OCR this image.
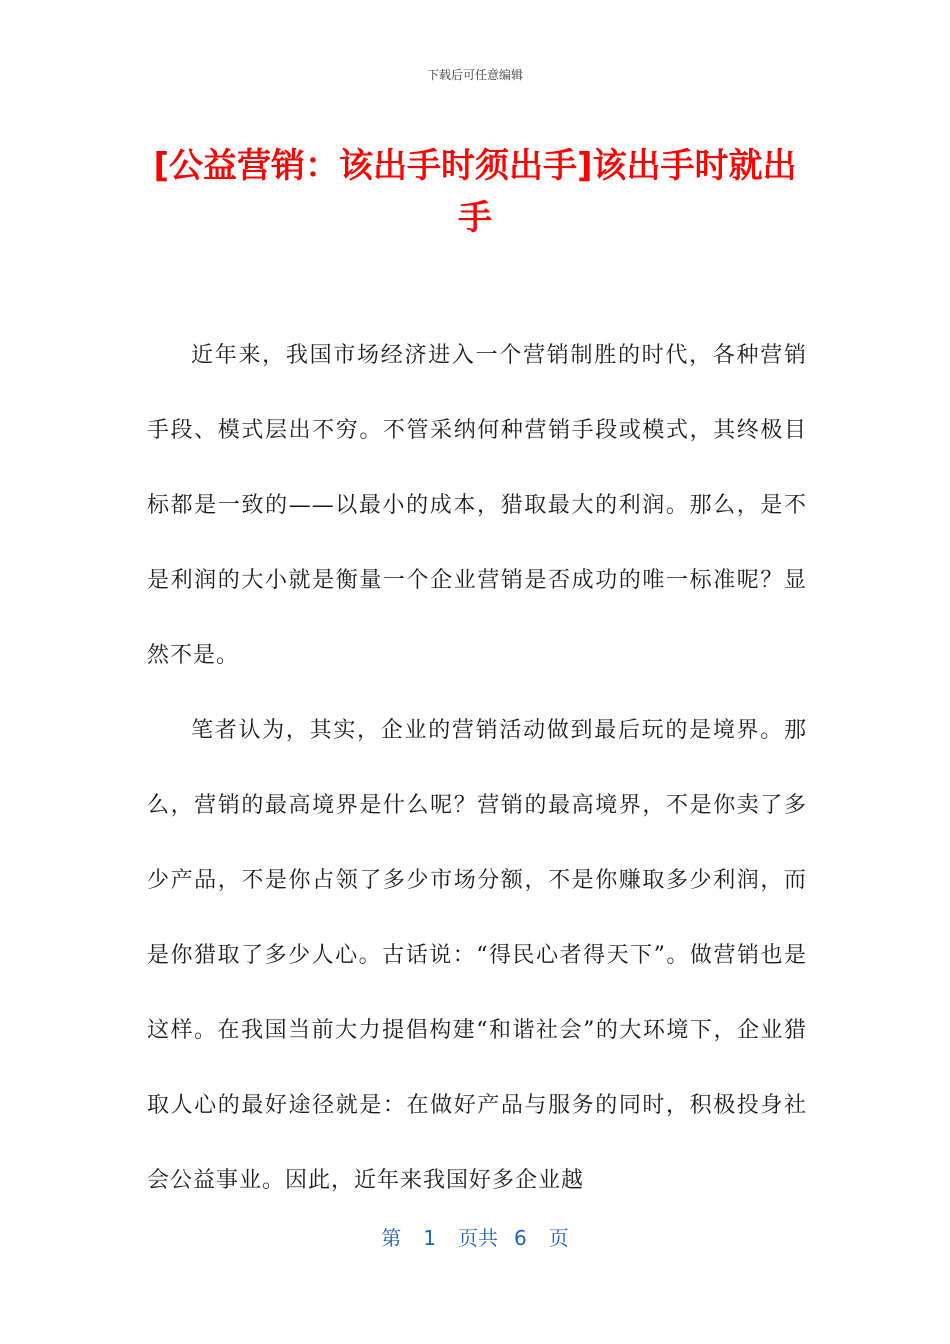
下载后可任意编辑
[公益营销：该出手时须出手]该出手时就出手

近年来，我国市场经济进入一个营销制胜的时代，各种营销手段、模式层出不穷。不管采纳何种营销手段或模式，其终极目标都是一致的——以最小的成本，猎取最大的利润。那么，是不是利润的大小就是衡量一个企业营销是否成功的唯一标准呢？显然不是。

笔者认为，其实，企业的营销活动做到最后玩的是境界。那么，营销的最高境界是什么呢？营销的最高境界，不是你卖了多少产品，不是你占领了多少市场分额，不是你赚取多少利润，而是你猎取了多少人心。古话说：“得民心者得天下”。做营销也是这样。在我国当前大力提倡构建“和谐社会”的大环境下，企业猎取人心的最好途径就是：在做好产品与服务的同时，积极投身社会公益事业。因此，近年来我国好多企业越

第 1 页共 6 页
